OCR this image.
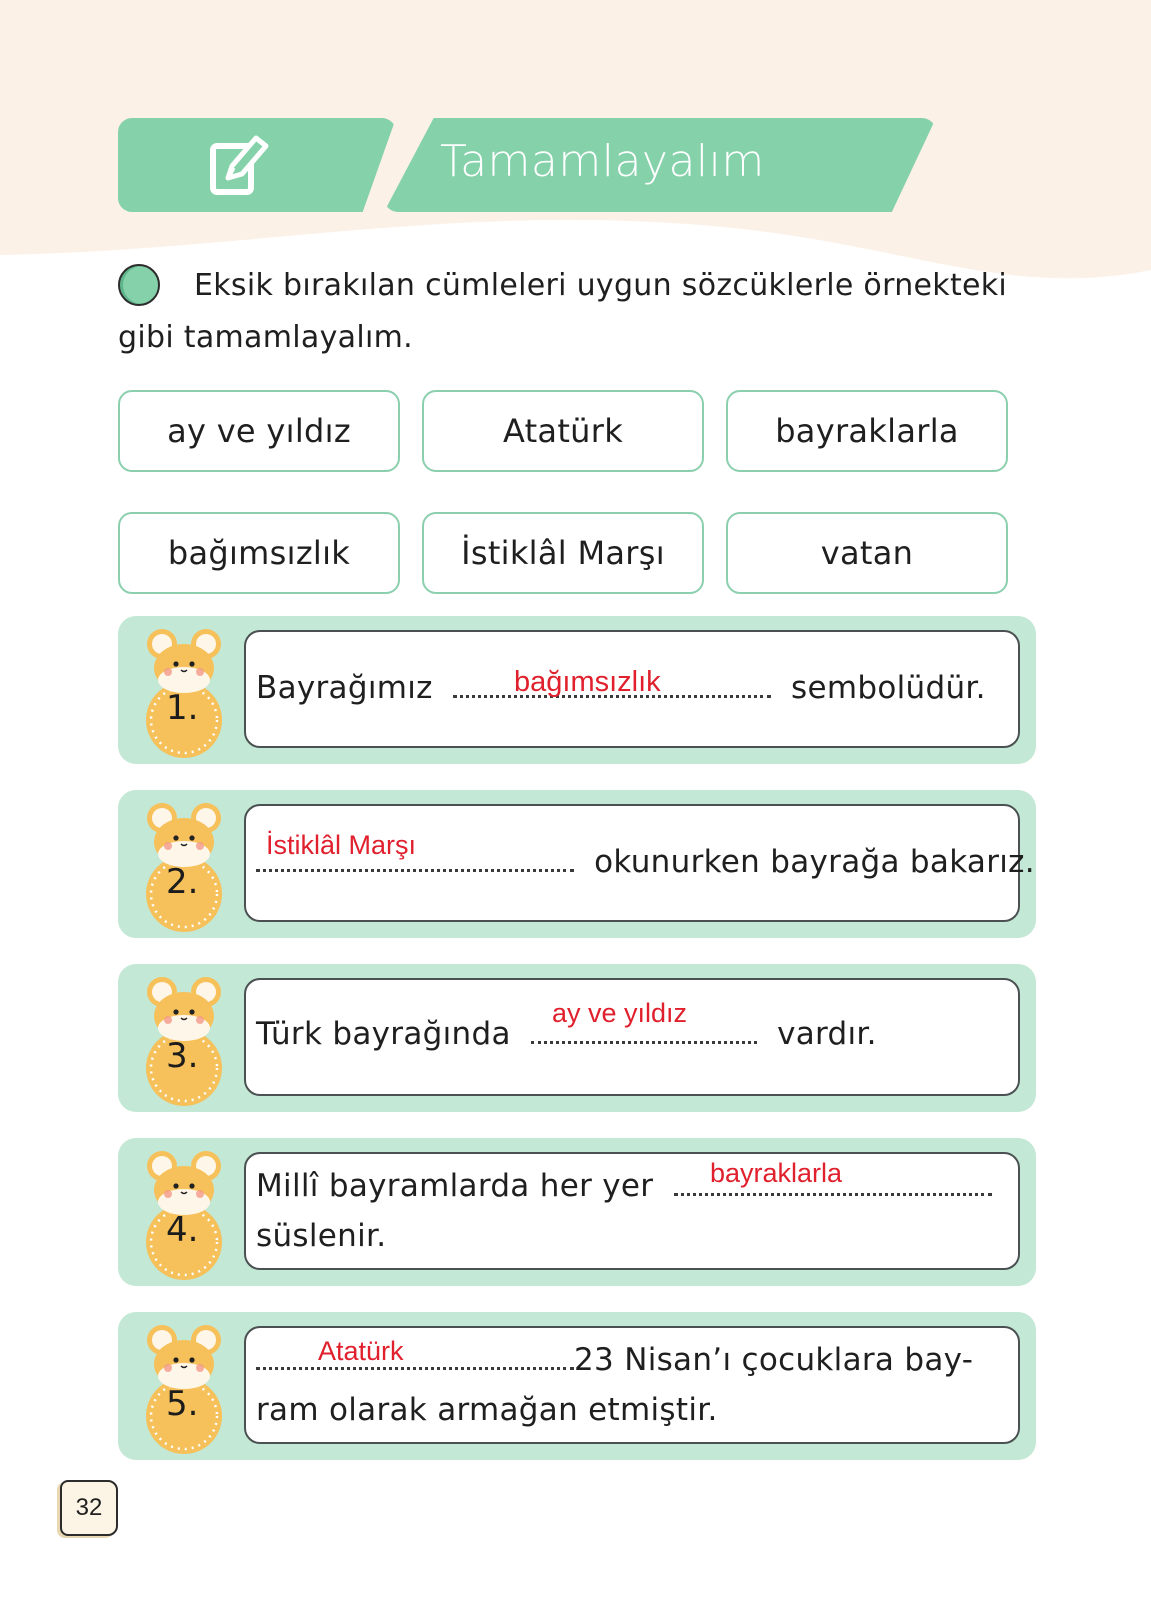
Tamamlayalım
Eksik bırakılan cümleleri uygun sözcüklerle örnekteki gibi tamamlayalım.
ay ve yıldız	Atatürk	bayraklarla
bağımsızlık	İstiklâl Marşı	vatan
1. Bayrağımız	sembolüdür.
bağımsızlık
2.
İstiklâl Marşı	okunurken bayrağa bakarız.
3.
ay ve yıldız
Türk bayrağında	vardır.
4.
bayraklarla
Millî bayramlarda her yer
süslenir.
5.
Atatürk	23 Nisan’ı çocuklara bay-
ram olarak armağan etmiştir.
32
